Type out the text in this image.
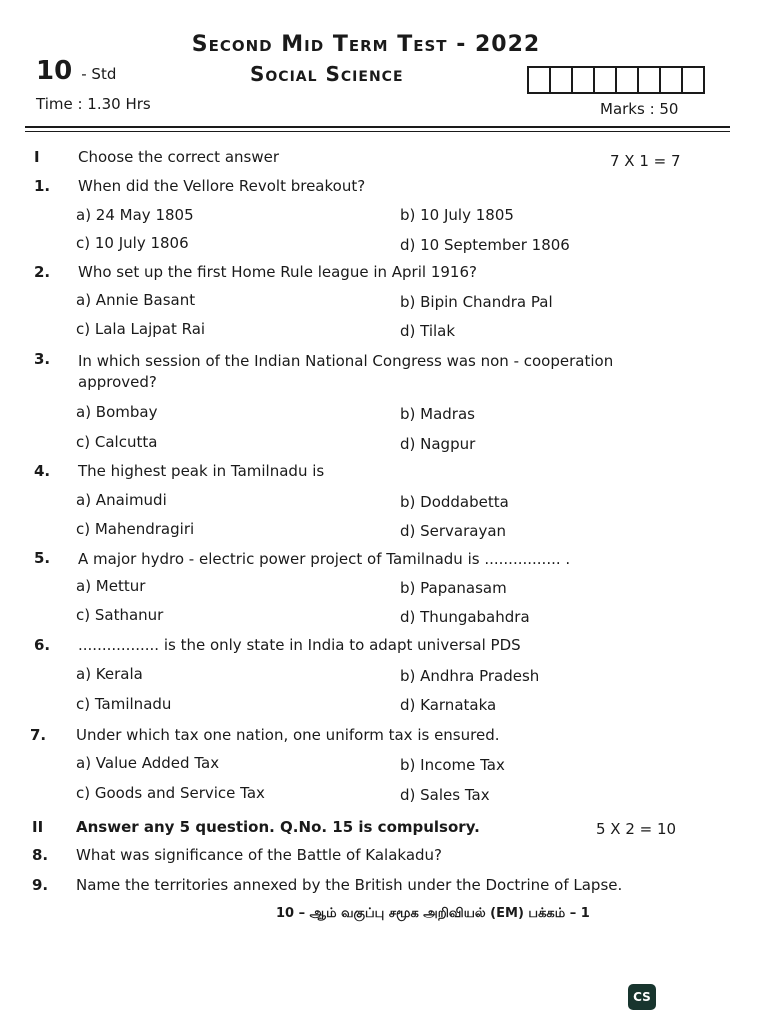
Second Mid Term Test - 2022
10 - Std	Social Science
Time : 1.30 Hrs	Marks : 50
I	Choose the correct answer	7 X 1 = 7
1. When did the Vellore Revolt breakout?
a) 24 May 1805	b) 10 July 1805
c) 10 July 1806	d) 10 September 1806
2. Who set up the first Home Rule league in April 1916?
a) Annie Basant	b) Bipin Chandra Pal
c) Lala Lajpat Rai	d) Tilak
3. In which session of the Indian National Congress was non - cooperation
approved?
a) Bombay	b) Madras
c) Calcutta	d) Nagpur
4. The highest peak in Tamilnadu is
a) Anaimudi	b) Doddabetta
c) Mahendragiri	d) Servarayan
5. A major hydro - electric power project of Tamilnadu is ................ .
a) Mettur	b) Papanasam
c) Sathanur	d) Thungabahdra
6. ................. is the only state in India to adapt universal PDS
a) Kerala	b) Andhra Pradesh
c) Tamilnadu	d) Karnataka
7. Under which tax one nation, one uniform tax is ensured.
a) Value Added Tax	b) Income Tax
c) Goods and Service Tax	d) Sales Tax
II Answer any 5 question. Q.No. 15 is compulsory.	5 X 2 = 10
8. What was significance of the Battle of Kalakadu?
9. Name the territories annexed by the British under the Doctrine of Lapse.
10 – ஆம் வகுப்பு சமூக அறிவியல் (EM) பக்கம் – 1
CS
